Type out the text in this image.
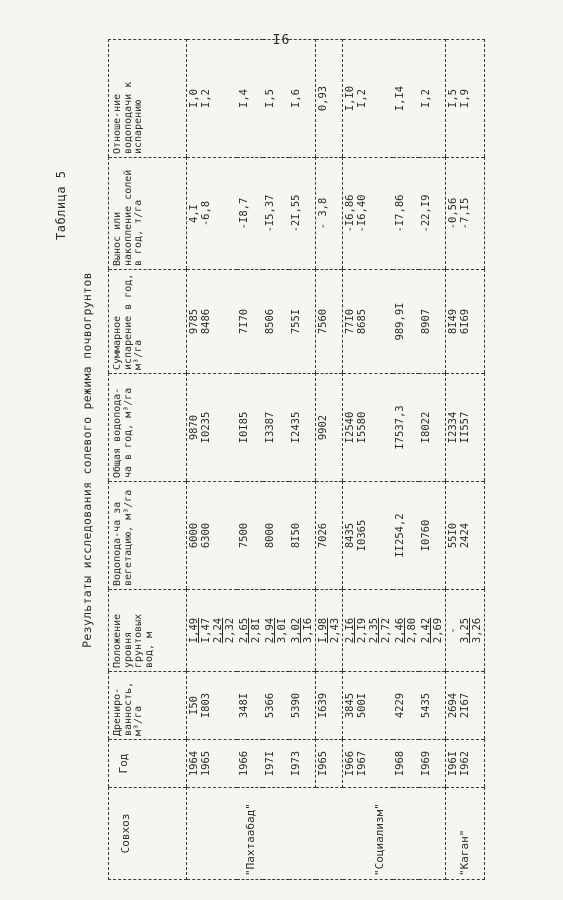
I6
Таблица 5
Результаты исследования солевого режима почвогрунтов
Совхоз	Год	Дрениро-ванность, м³/га	Положение уровня грунтовых вод, м	Водопода-ча за вегетацию, м³/га	Общая водопода-ча в год, м³/га	Суммарное испарение в год, м³/га	Вынос или накопление солей в год, т/га	Отноше-ние водоподачи к испарению
"Пахтаабад"	1964 1965	I50 I803	I,49 I,47 2,24 2,32	6000 6300	9870 I0235	9785 8486	4,I -6,8	I,0 I,2

	1966	348I	2,65 2,8I	7500	I0I85	7I70	-I8,7	I,4
	I97I	5366	2,94 3,0I	8000	I3387	8506	-I5,37	I,5
	I973	5390	3,02 3,I6	8I50	I2435	755I	-2I,55	I,6
"Социализм"	I965	I639	I,98 2,43	7026	9902	7560	- 3,8	0,93

	I966 I967	3845 500I	2,I6 2,I9 2,35 2,72	8435 I0365	I2540 I5580	77I0 8685	-I6,86 -I6,40	I,I0 I,2

	I968	4229	2,46 2,80	II254,2	I7537,3	989,9I	-I7,86	I,I4
	I969	5435	2,42 2,69	I0760	I8022	8907	-22,I9	I,2
"Каган"	I96I I962	2694 2I67	- 3,25 3,26	55I0 2424	I2334 II557	8I49 6I69	-0,56 -7,I5	I,5 I,9
